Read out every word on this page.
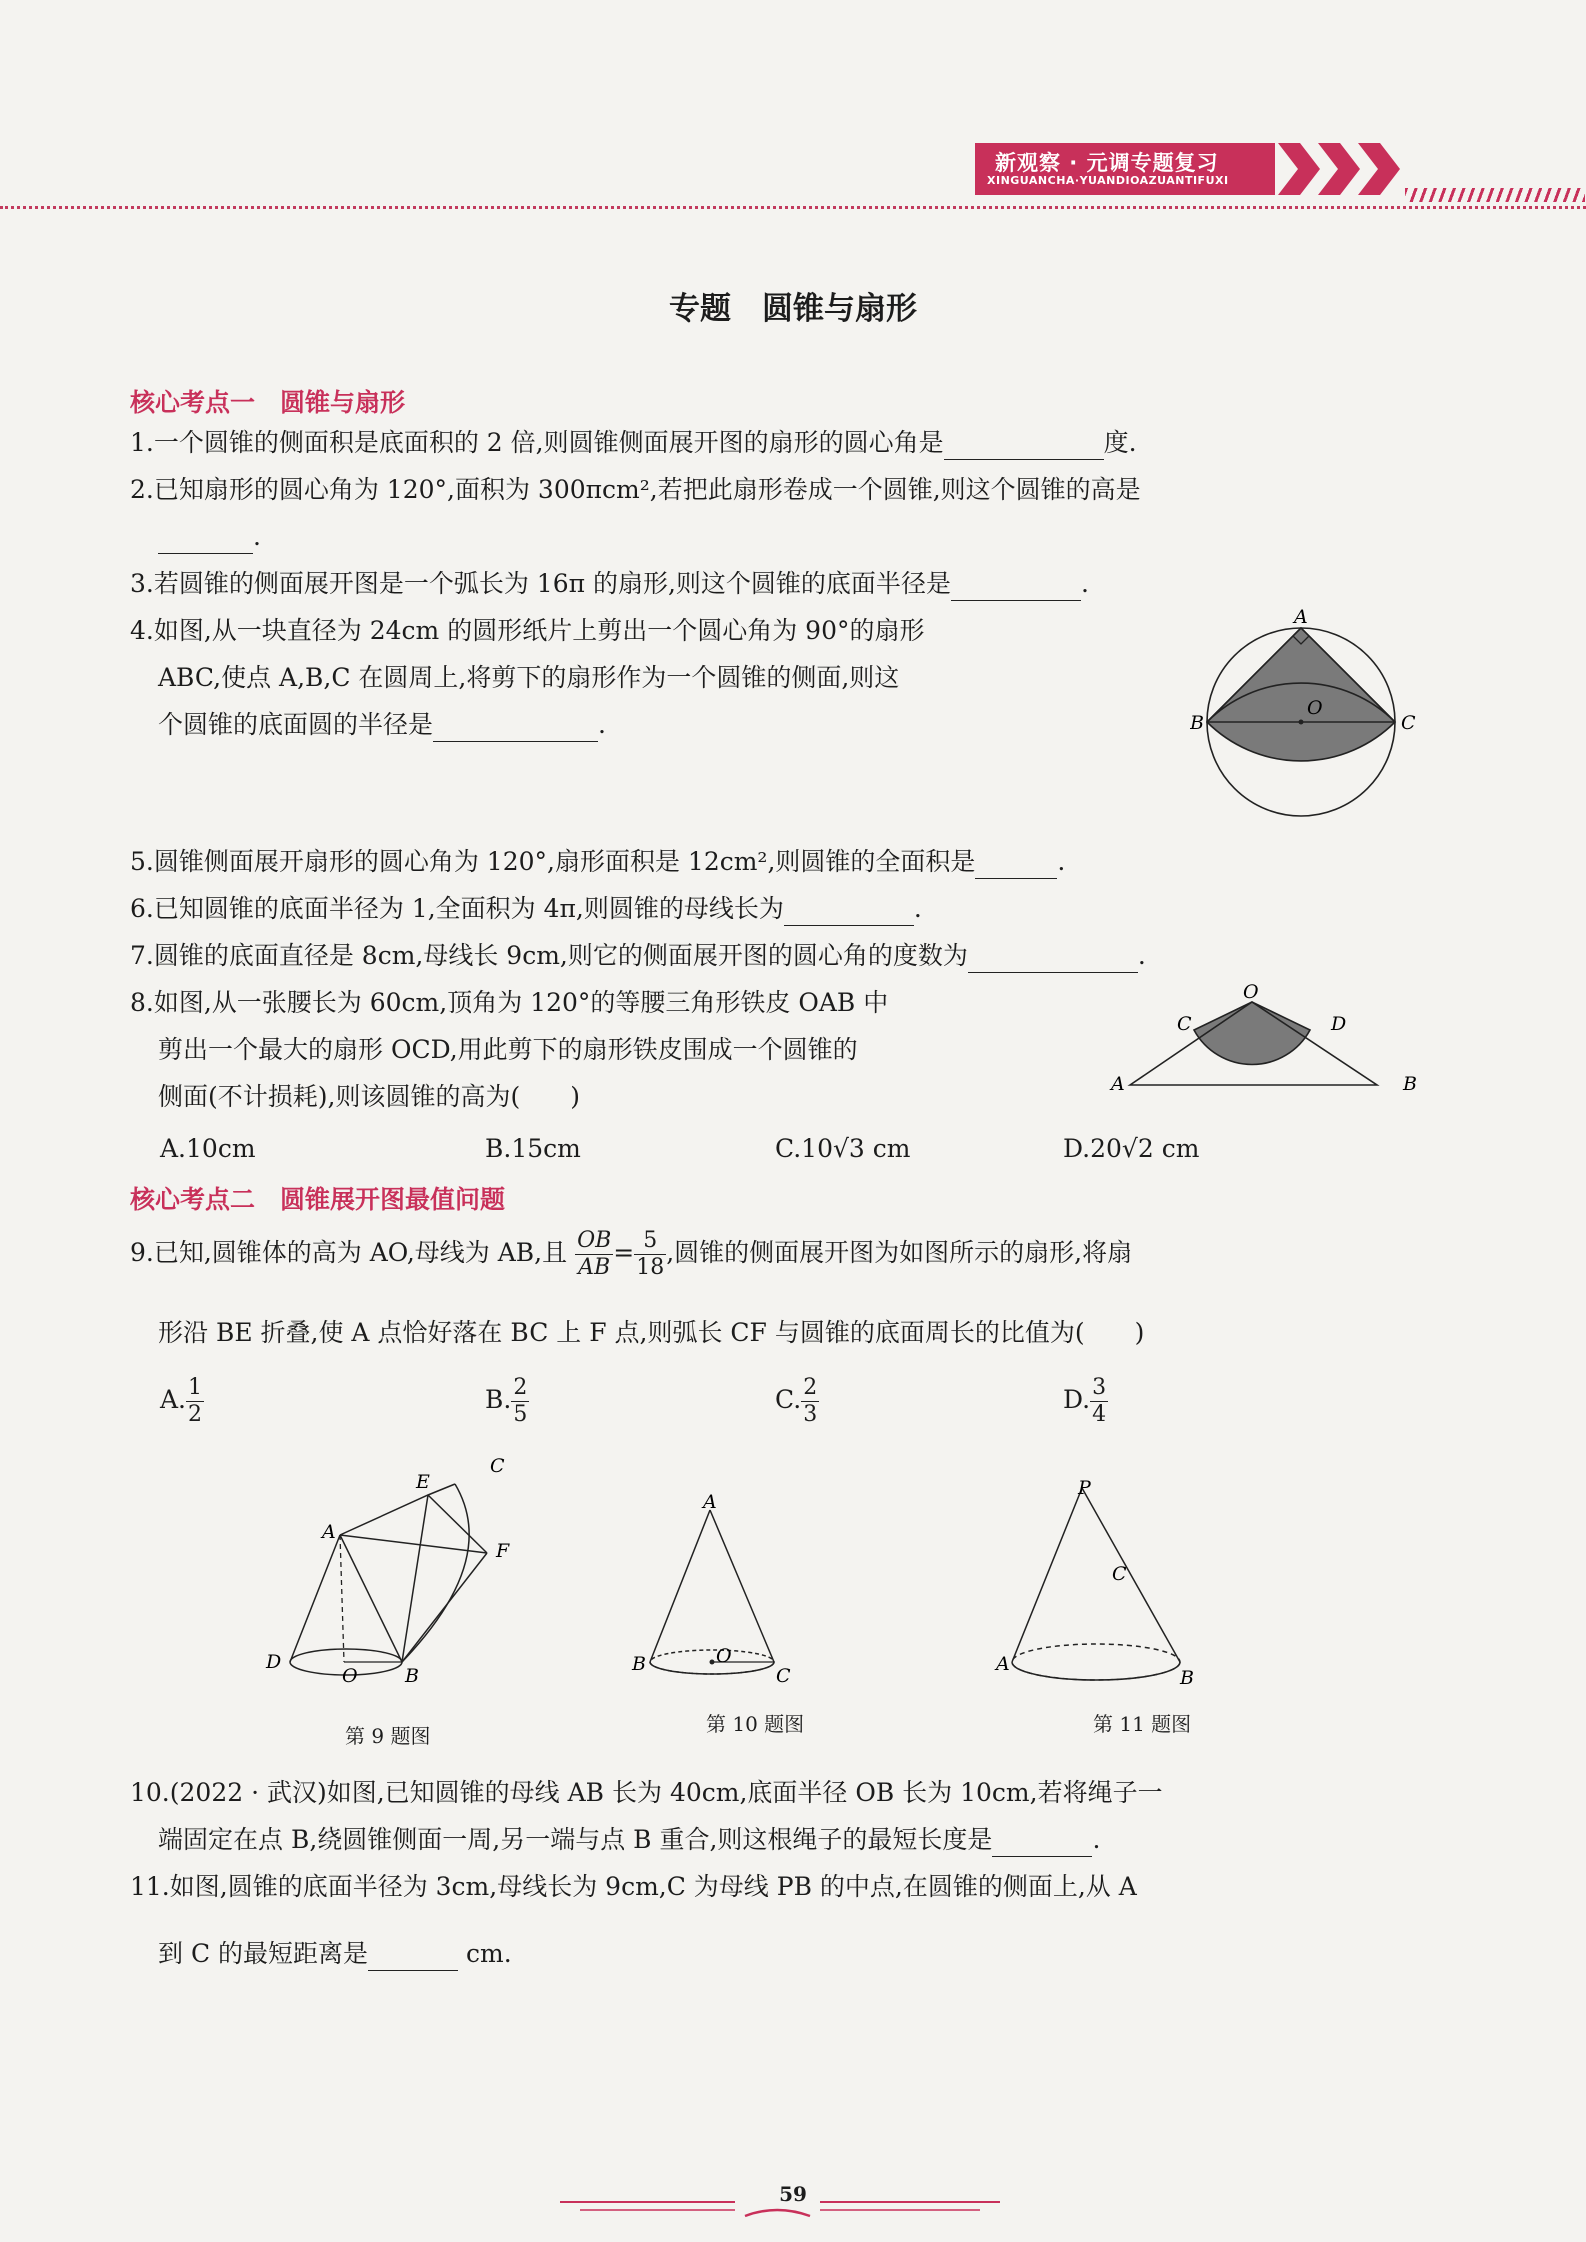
新观察 · 元调专题复习
XINGUANCHA·YUANDIOAZUANTIFUXI
专题　圆锥与扇形
核心考点一　圆锥与扇形
1.一个圆锥的侧面积是底面积的 2 倍,则圆锥侧面展开图的扇形的圆心角是	度.
2.已知扇形的圆心角为 120°,面积为 300πcm²,若把此扇形卷成一个圆锥,则这个圆锥的高是
.
3.若圆锥的侧面展开图是一个弧长为 16π 的扇形,则这个圆锥的底面半径是	.
4.如图,从一块直径为 24cm 的圆形纸片上剪出一个圆心角为 90°的扇形
ABC,使点 A,B,C 在圆周上,将剪下的扇形作为一个圆锥的侧面,则这
个圆锥的底面圆的半径是	.
A
B	C
O
5.圆锥侧面展开扇形的圆心角为 120°,扇形面积是 12cm²,则圆锥的全面积是	.
6.已知圆锥的底面半径为 1,全面积为 4π,则圆锥的母线长为	.
7.圆锥的底面直径是 8cm,母线长 9cm,则它的侧面展开图的圆心角的度数为	.
8.如图,从一张腰长为 60cm,顶角为 120°的等腰三角形铁皮 OAB 中
剪出一个最大的扇形 OCD,用此剪下的扇形铁皮围成一个圆锥的
侧面(不计损耗),则该圆锥的高为(　　)
O
C	D
A	B
A.10cm	B.15cm	C.10√3 cm	D.20√2 cm
核心考点二　圆锥展开图最值问题
9.已知,圆锥体的高为 AO,母线为 AB,且 $\frac{OB}{AB} = \frac{5}{18}$ ,圆锥的侧面展开图为如图所示的扇形,将扇
形沿 BE 折叠,使 A 点恰好落在 BC 上 F 点,则弧长 CF 与圆锥的底面周长的比值为(　　)
A. $\frac{1}{2}$	B. $\frac{2}{5}$	C. $\frac{2}{3}$	D. $\frac{3}{4}$
A
B
C
D
E
F
O
第 9 题图
A
B
C
O
第 10 题图
P
C
A
B
第 11 题图
10.(2022 · 武汉)如图,已知圆锥的母线 AB 长为 40cm,底面半径 OB 长为 10cm,若将绳子一
端固定在点 B,绕圆锥侧面一周,另一端与点 B 重合,则这根绳子的最短长度是	.
11.如图,圆锥的底面半径为 3cm,母线长为 9cm,C 为母线 PB 的中点,在圆锥的侧面上,从 A
到 C 的最短距离是	cm.
59
